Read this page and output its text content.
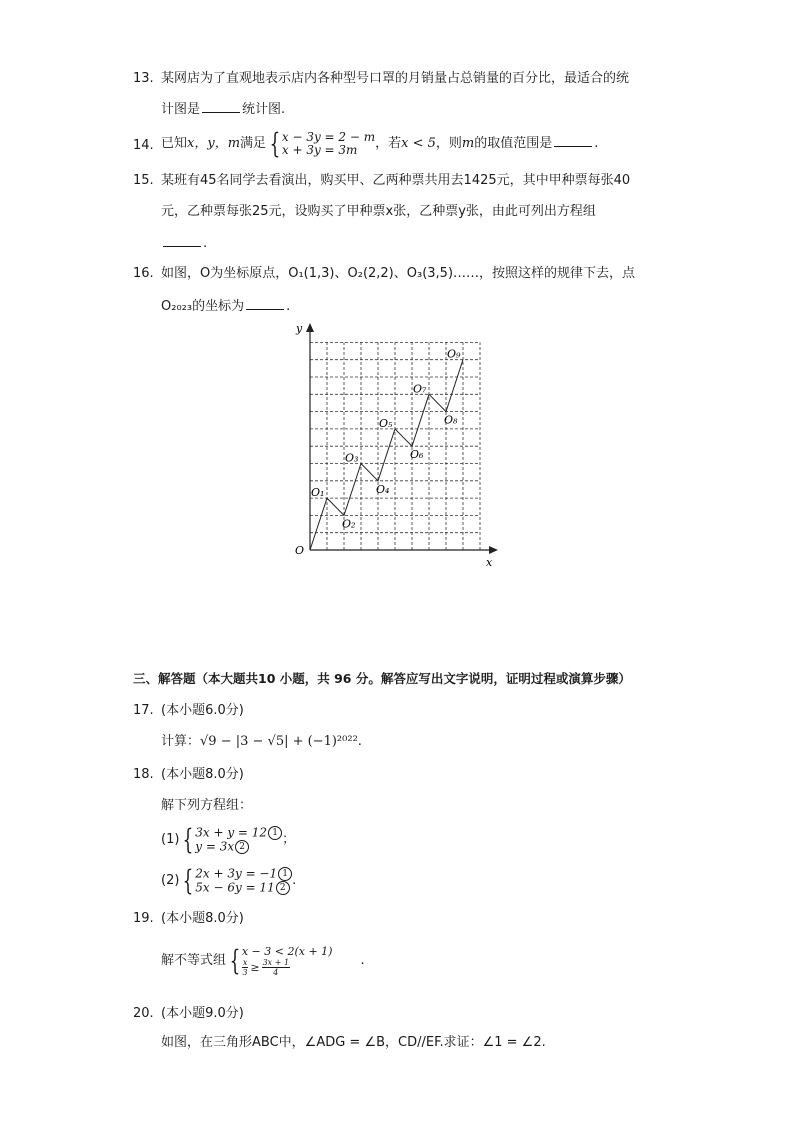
13. 某网店为了直观地表示店内各种型号口罩的月销量占总销量的百分比，最适合的统
计图是	统计图.
14. 已知x，y，m满足 { x − 3y = 2 − m
x + 3y = 3m	，若x < 5，则m的取值范围是	.
15. 某班有45名同学去看演出，购买甲、乙两种票共用去1425元，其中甲种票每张40
元，乙种票每张25元，设购买了甲种票x张，乙种票y张，由此可列出方程组
.
16. 如图，O为坐标原点，O₁(1,3)、O₂(2,2)、O₃(3,5)……，按照这样的规律下去，点
O₂₀₂₃的坐标为	.
y
x
O
O₁
O₂
O₃
O₄
O₅
O₆
O₇
O₈
O₉
三、解答题（本大题共10 小题，共 96 分。解答应写出文字说明，证明过程或演算步骤）
17. (本小题6.0分)
计算：√9 − |3 − √5| + (−1)²⁰²².
18. (本小题8.0分)
解下列方程组：
(1) { 3x + y = 12 1
y = 3x 2	；
(2) { 2x + 3y = −1 1
5x − 6y = 11 2 .
19. (本小题8.0分)
解不等式组 { x − 3 < 2(x + 1)
$\frac{x}{3} \ge \frac{3x + 1}{4}$	.
20. (本小题9.0分)
如图，在三角形ABC中，∠ADG = ∠B，CD//EF.求证：∠1 = ∠2.
